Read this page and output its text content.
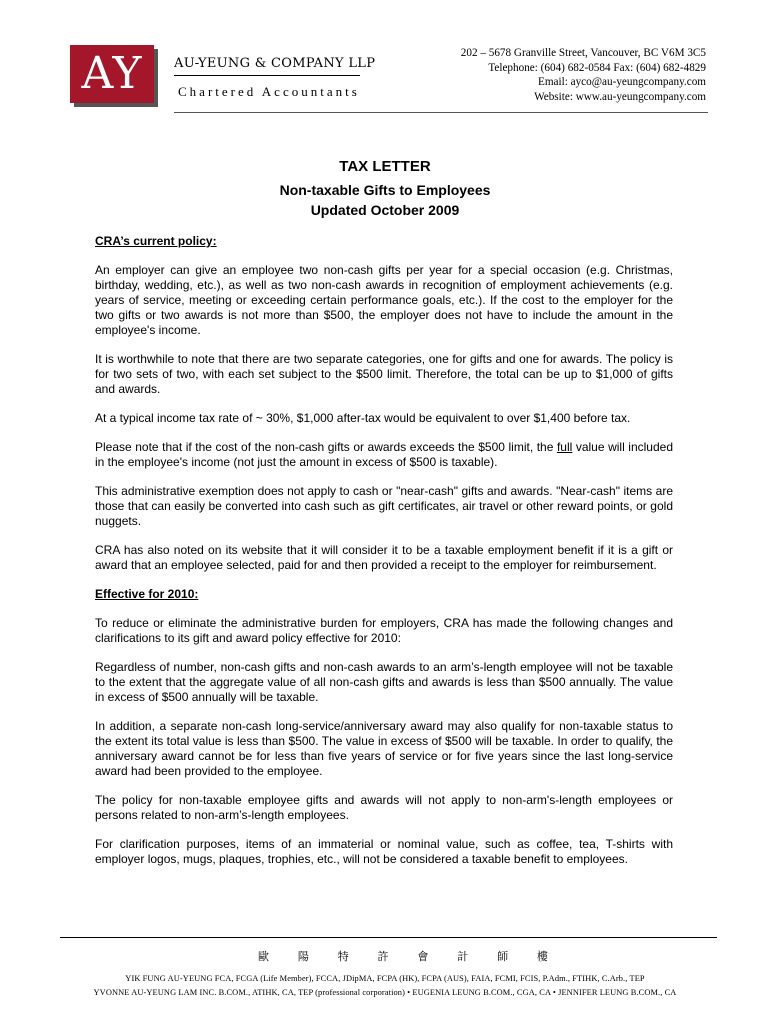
AY AU-YEUNG & COMPANY LLP
Chartered Accountants
202 – 5678 Granville Street, Vancouver, BC V6M 3C5
Telephone: (604) 682-0584 Fax: (604) 682-4829
Email: ayco@au-yeungcompany.com
Website: www.au-yeungcompany.com
TAX LETTER
Non-taxable Gifts to Employees
Updated October 2009

CRA’s current policy:

An employer can give an employee two non-cash gifts per year for a special occasion (e.g. Christmas, birthday, wedding, etc.), as well as two non-cash awards in recognition of employment achievements (e.g. years of service, meeting or exceeding certain performance goals, etc.). If the cost to the employer for the two gifts or two awards is not more than $500, the employer does not have to include the amount in the employee's income.

It is worthwhile to note that there are two separate categories, one for gifts and one for awards. The policy is for two sets of two, with each set subject to the $500 limit. Therefore, the total can be up to $1,000 of gifts and awards.

At a typical income tax rate of ~ 30%, $1,000 after-tax would be equivalent to over $1,400 before tax.

Please note that if the cost of the non-cash gifts or awards exceeds the $500 limit, the full value will included in the employee's income (not just the amount in excess of $500 is taxable).

This administrative exemption does not apply to cash or "near-cash" gifts and awards. "Near-cash" items are those that can easily be converted into cash such as gift certificates, air travel or other reward points, or gold nuggets.

CRA has also noted on its website that it will consider it to be a taxable employment benefit if it is a gift or award that an employee selected, paid for and then provided a receipt to the employer for reimbursement.

Effective for 2010:

To reduce or eliminate the administrative burden for employers, CRA has made the following changes and clarifications to its gift and award policy effective for 2010:

Regardless of number, non-cash gifts and non-cash awards to an arm’s-length employee will not be taxable to the extent that the aggregate value of all non-cash gifts and awards is less than $500 annually. The value in excess of $500 annually will be taxable.

In addition, a separate non-cash long-service/anniversary award may also qualify for non-taxable status to the extent its total value is less than $500. The value in excess of $500 will be taxable. In order to qualify, the anniversary award cannot be for less than five years of service or for five years since the last long-service award had been provided to the employee.

The policy for non-taxable employee gifts and awards will not apply to non-arm's-length employees or persons related to non-arm’s-length employees.

For clarification purposes, items of an immaterial or nominal value, such as coffee, tea, T-shirts with employer logos, mugs, plaques, trophies, etc., will not be considered a taxable benefit to employees.

歐	陽	特	許	會	計	師	樓
YIK FUNG AU-YEUNG FCA, FCGA (Life Member), FCCA, JDipMA, FCPA (HK), FCPA (AUS), FAIA, FCMI, FCIS, P.Adm., FTIHK, C.Arb., TEP
YVONNE AU-YEUNG LAM INC. B.COM., ATIHK, CA, TEP (professional corporation) • EUGENIA LEUNG B.COM., CGA, CA • JENNIFER LEUNG B.COM., CA
